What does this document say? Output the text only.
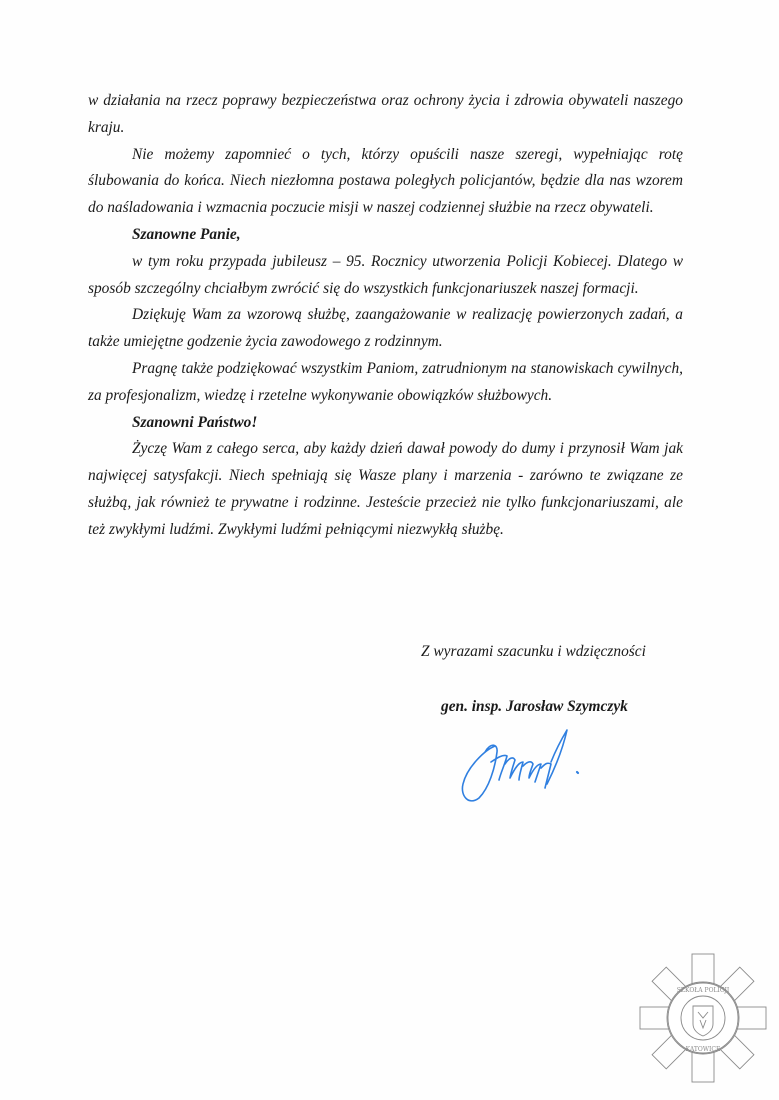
w działania na rzecz poprawy bezpieczeństwa oraz ochrony życia i zdrowia obywateli naszego kraju.

Nie możemy zapomnieć o tych, którzy opuścili nasze szeregi, wypełniając rotę ślubowania do końca. Niech niezłomna postawa poległych policjantów, będzie dla nas wzorem do naśladowania i wzmacnia poczucie misji w naszej codziennej służbie na rzecz obywateli.

Szanowne Panie,

w tym roku przypada jubileusz – 95. Rocznicy utworzenia Policji Kobiecej. Dlatego w sposób szczególny chciałbym zwrócić się do wszystkich funkcjonariuszek naszej formacji.

Dziękuję Wam za wzorową służbę, zaangażowanie w realizację powierzonych zadań, a także umiejętne godzenie życia zawodowego z rodzinnym.

Pragnę także podziękować wszystkim Paniom, zatrudnionym na stanowiskach cywilnych, za profesjonalizm, wiedzę i rzetelne wykonywanie obowiązków służbowych.

Szanowni Państwo!

Życzę Wam z całego serca, aby każdy dzień dawał powody do dumy i przynosił Wam jak najwięcej satysfakcji. Niech spełniają się Wasze plany i marzenia - zarówno te związane ze służbą, jak również te prywatne i rodzinne. Jesteście przecież nie tylko funkcjonariuszami, ale też zwykłymi ludźmi. Zwykłymi ludźmi pełniącymi niezwykłą służbę.

Z wyrazami szacunku i wdzięczności
gen. insp. Jarosław Szymczyk
SZKOŁA POLICJI
KATOWICE
